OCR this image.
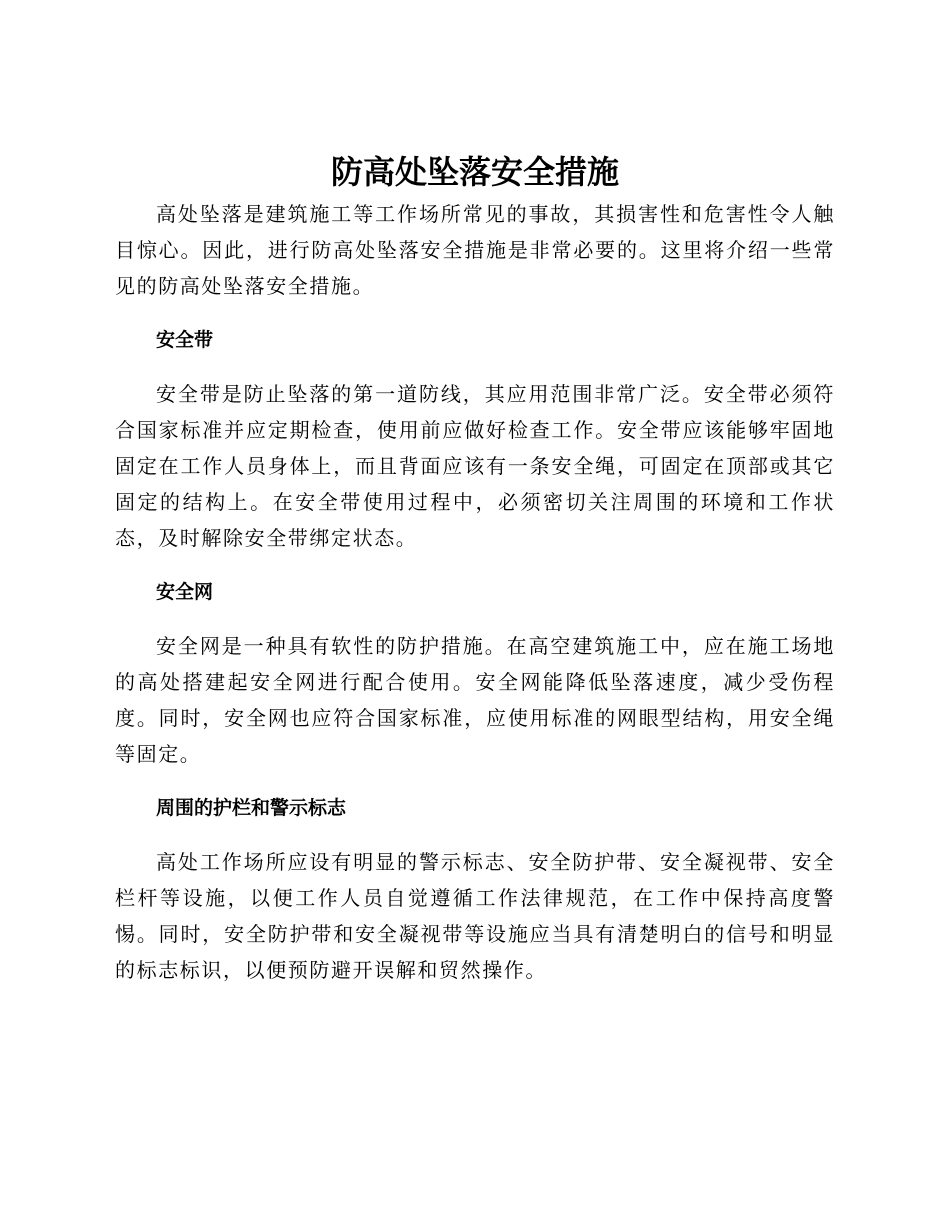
防高处坠落安全措施

高处坠落是建筑施工等工作场所常见的事故，其损害性和危害性令人触目惊心。因此，进行防高处坠落安全措施是非常必要的。这里将介绍一些常见的防高处坠落安全措施。

安全带

安全带是防止坠落的第一道防线，其应用范围非常广泛。安全带必须符合国家标准并应定期检查，使用前应做好检查工作。安全带应该能够牢固地固定在工作人员身体上，而且背面应该有一条安全绳，可固定在顶部或其它固定的结构上。在安全带使用过程中，必须密切关注周围的环境和工作状态，及时解除安全带绑定状态。

安全网

安全网是一种具有软性的防护措施。在高空建筑施工中，应在施工场地的高处搭建起安全网进行配合使用。安全网能降低坠落速度，减少受伤程度。同时，安全网也应符合国家标准，应使用标准的网眼型结构，用安全绳等固定。

周围的护栏和警示标志

高处工作场所应设有明显的警示标志、安全防护带、安全凝视带、安全栏杆等设施，以便工作人员自觉遵循工作法律规范，在工作中保持高度警惕。同时，安全防护带和安全凝视带等设施应当具有清楚明白的信号和明显的标志标识，以便预防避开误解和贸然操作。
